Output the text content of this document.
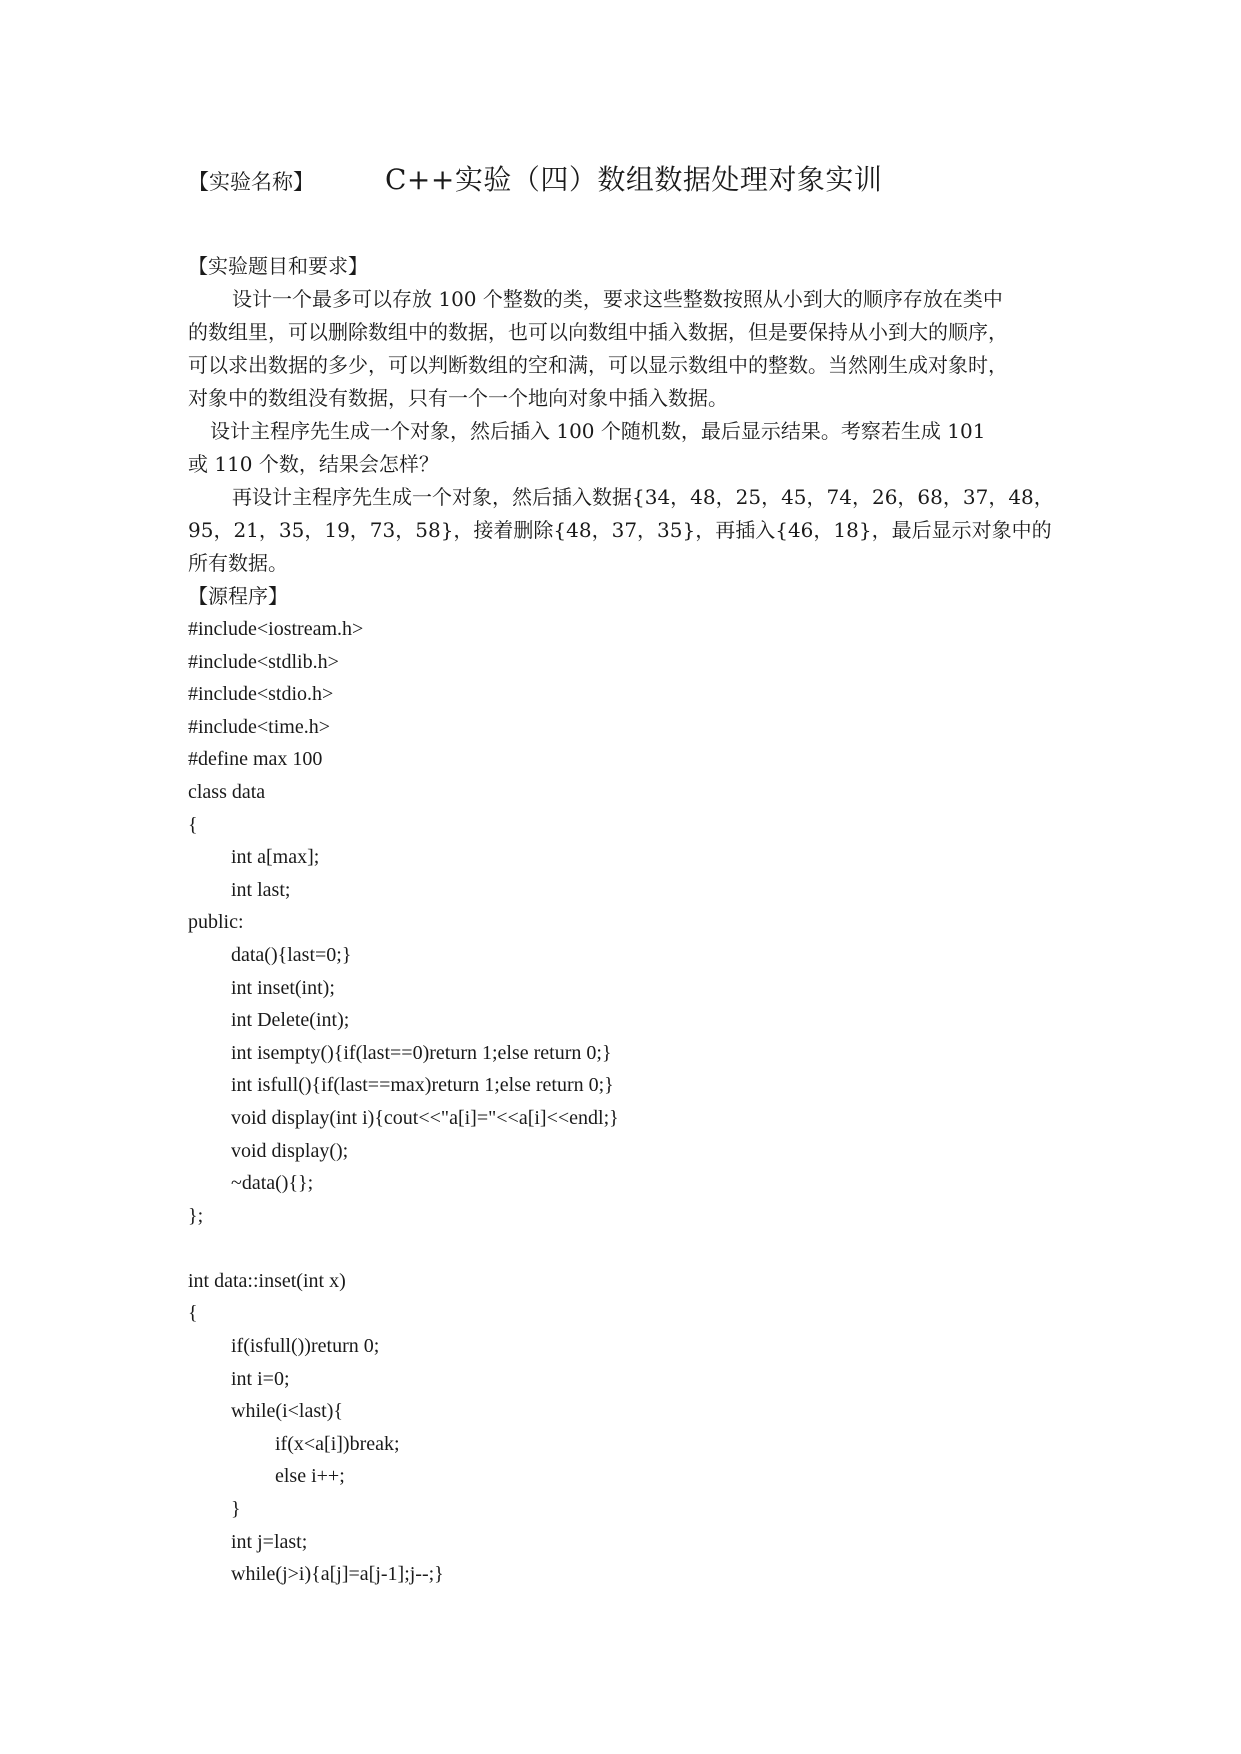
【实验名称】	C++实验（四）数组数据处理对象实训
【实验题目和要求】
设计一个最多可以存放 100 个整数的类，要求这些整数按照从小到大的顺序存放在类中
的数组里，可以删除数组中的数据，也可以向数组中插入数据，但是要保持从小到大的顺序，
可以求出数据的多少，可以判断数组的空和满，可以显示数组中的整数。当然刚生成对象时，
对象中的数组没有数据，只有一个一个地向对象中插入数据。
设计主程序先生成一个对象，然后插入 100 个随机数，最后显示结果。考察若生成 101
或 110 个数，结果会怎样？
再设计主程序先生成一个对象，然后插入数据{34，48，25，45，74，26，68，37，48，
95，21，35，19，73，58}，接着删除{48，37，35}，再插入{46，18}，最后显示对象中的
所有数据。
【源程序】
#include<iostream.h>
#include<stdlib.h>
#include<stdio.h>
#include<time.h>
#define max 100
class data
{
int a[max];
int last;
public:
data(){last=0;}
int inset(int);
int Delete(int);
int isempty(){if(last==0)return 1;else return 0;}
int isfull(){if(last==max)return 1;else return 0;}
void display(int i){cout<<"a[i]="<<a[i]<<endl;}
void display();
~data(){};
};
int data::inset(int x)
{
if(isfull())return 0;
int i=0;
while(i<last){
if(x<a[i])break;
else i++;
}
int j=last;
while(j>i){a[j]=a[j-1];j--;}
